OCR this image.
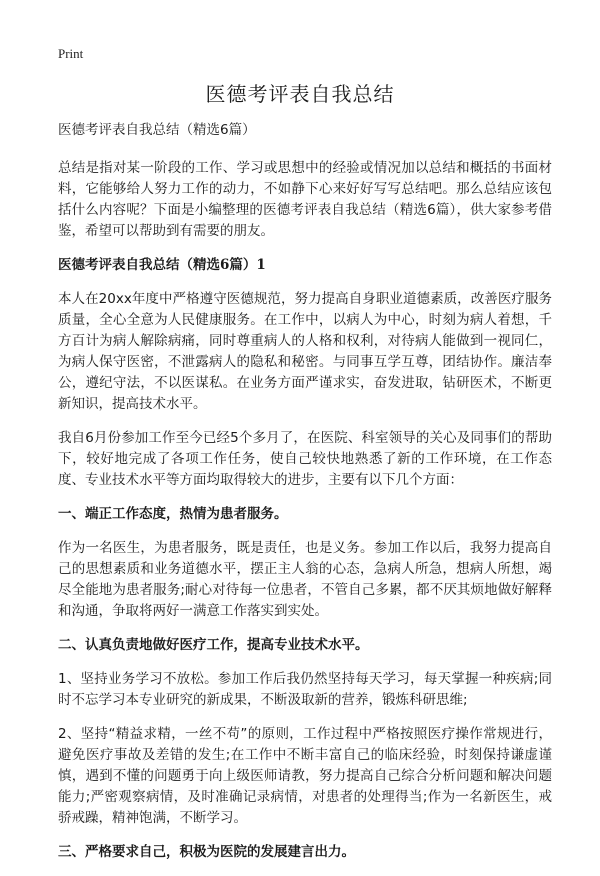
Print
医德考评表自我总结
医德考评表自我总结（精选6篇）

总结是指对某一阶段的工作、学习或思想中的经验或情况加以总结和概括的书面材料，它能够给人努力工作的动力，不如静下心来好好写写总结吧。那么总结应该包括什么内容呢？下面是小编整理的医德考评表自我总结（精选6篇），供大家参考借鉴，希望可以帮助到有需要的朋友。

医德考评表自我总结（精选6篇）1

本人在20xx年度中严格遵守医德规范，努力提高自身职业道德素质，改善医疗服务质量，全心全意为人民健康服务。在工作中，以病人为中心，时刻为病人着想，千方百计为病人解除病痛，同时尊重病人的人格和权利，对待病人能做到一视同仁，为病人保守医密，不泄露病人的隐私和秘密。与同事互学互尊，团结协作。廉洁奉公，遵纪守法，不以医谋私。在业务方面严谨求实，奋发进取，钻研医术，不断更新知识，提高技术水平。

我自6月份参加工作至今已经5个多月了，在医院、科室领导的关心及同事们的帮助下，较好地完成了各项工作任务，使自己较快地熟悉了新的工作环境，在工作态度、专业技术水平等方面均取得较大的进步，主要有以下几个方面：

一、端正工作态度，热情为患者服务。

作为一名医生，为患者服务，既是责任，也是义务。参加工作以后，我努力提高自己的思想素质和业务道德水平，摆正主人翁的心态，急病人所急，想病人所想，竭尽全能地为患者服务;耐心对待每一位患者，不管自己多累，都不厌其烦地做好解释和沟通，争取将两好一满意工作落实到实处。

二、认真负责地做好医疗工作，提高专业技术水平。

1、坚持业务学习不放松。参加工作后我仍然坚持每天学习，每天掌握一种疾病;同时不忘学习本专业研究的新成果，不断汲取新的营养，锻炼科研思维;

2、坚持“精益求精，一丝不苟”的原则，工作过程中严格按照医疗操作常规进行，避免医疗事故及差错的发生;在工作中不断丰富自己的临床经验，时刻保持谦虚谨慎，遇到不懂的问题勇于向上级医师请教，努力提高自己综合分析问题和解决问题能力;严密观察病情，及时准确记录病情，对患者的处理得当;作为一名新医生，戒骄戒躁，精神饱满，不断学习。

三、严格要求自己，积极为医院的发展建言出力。
